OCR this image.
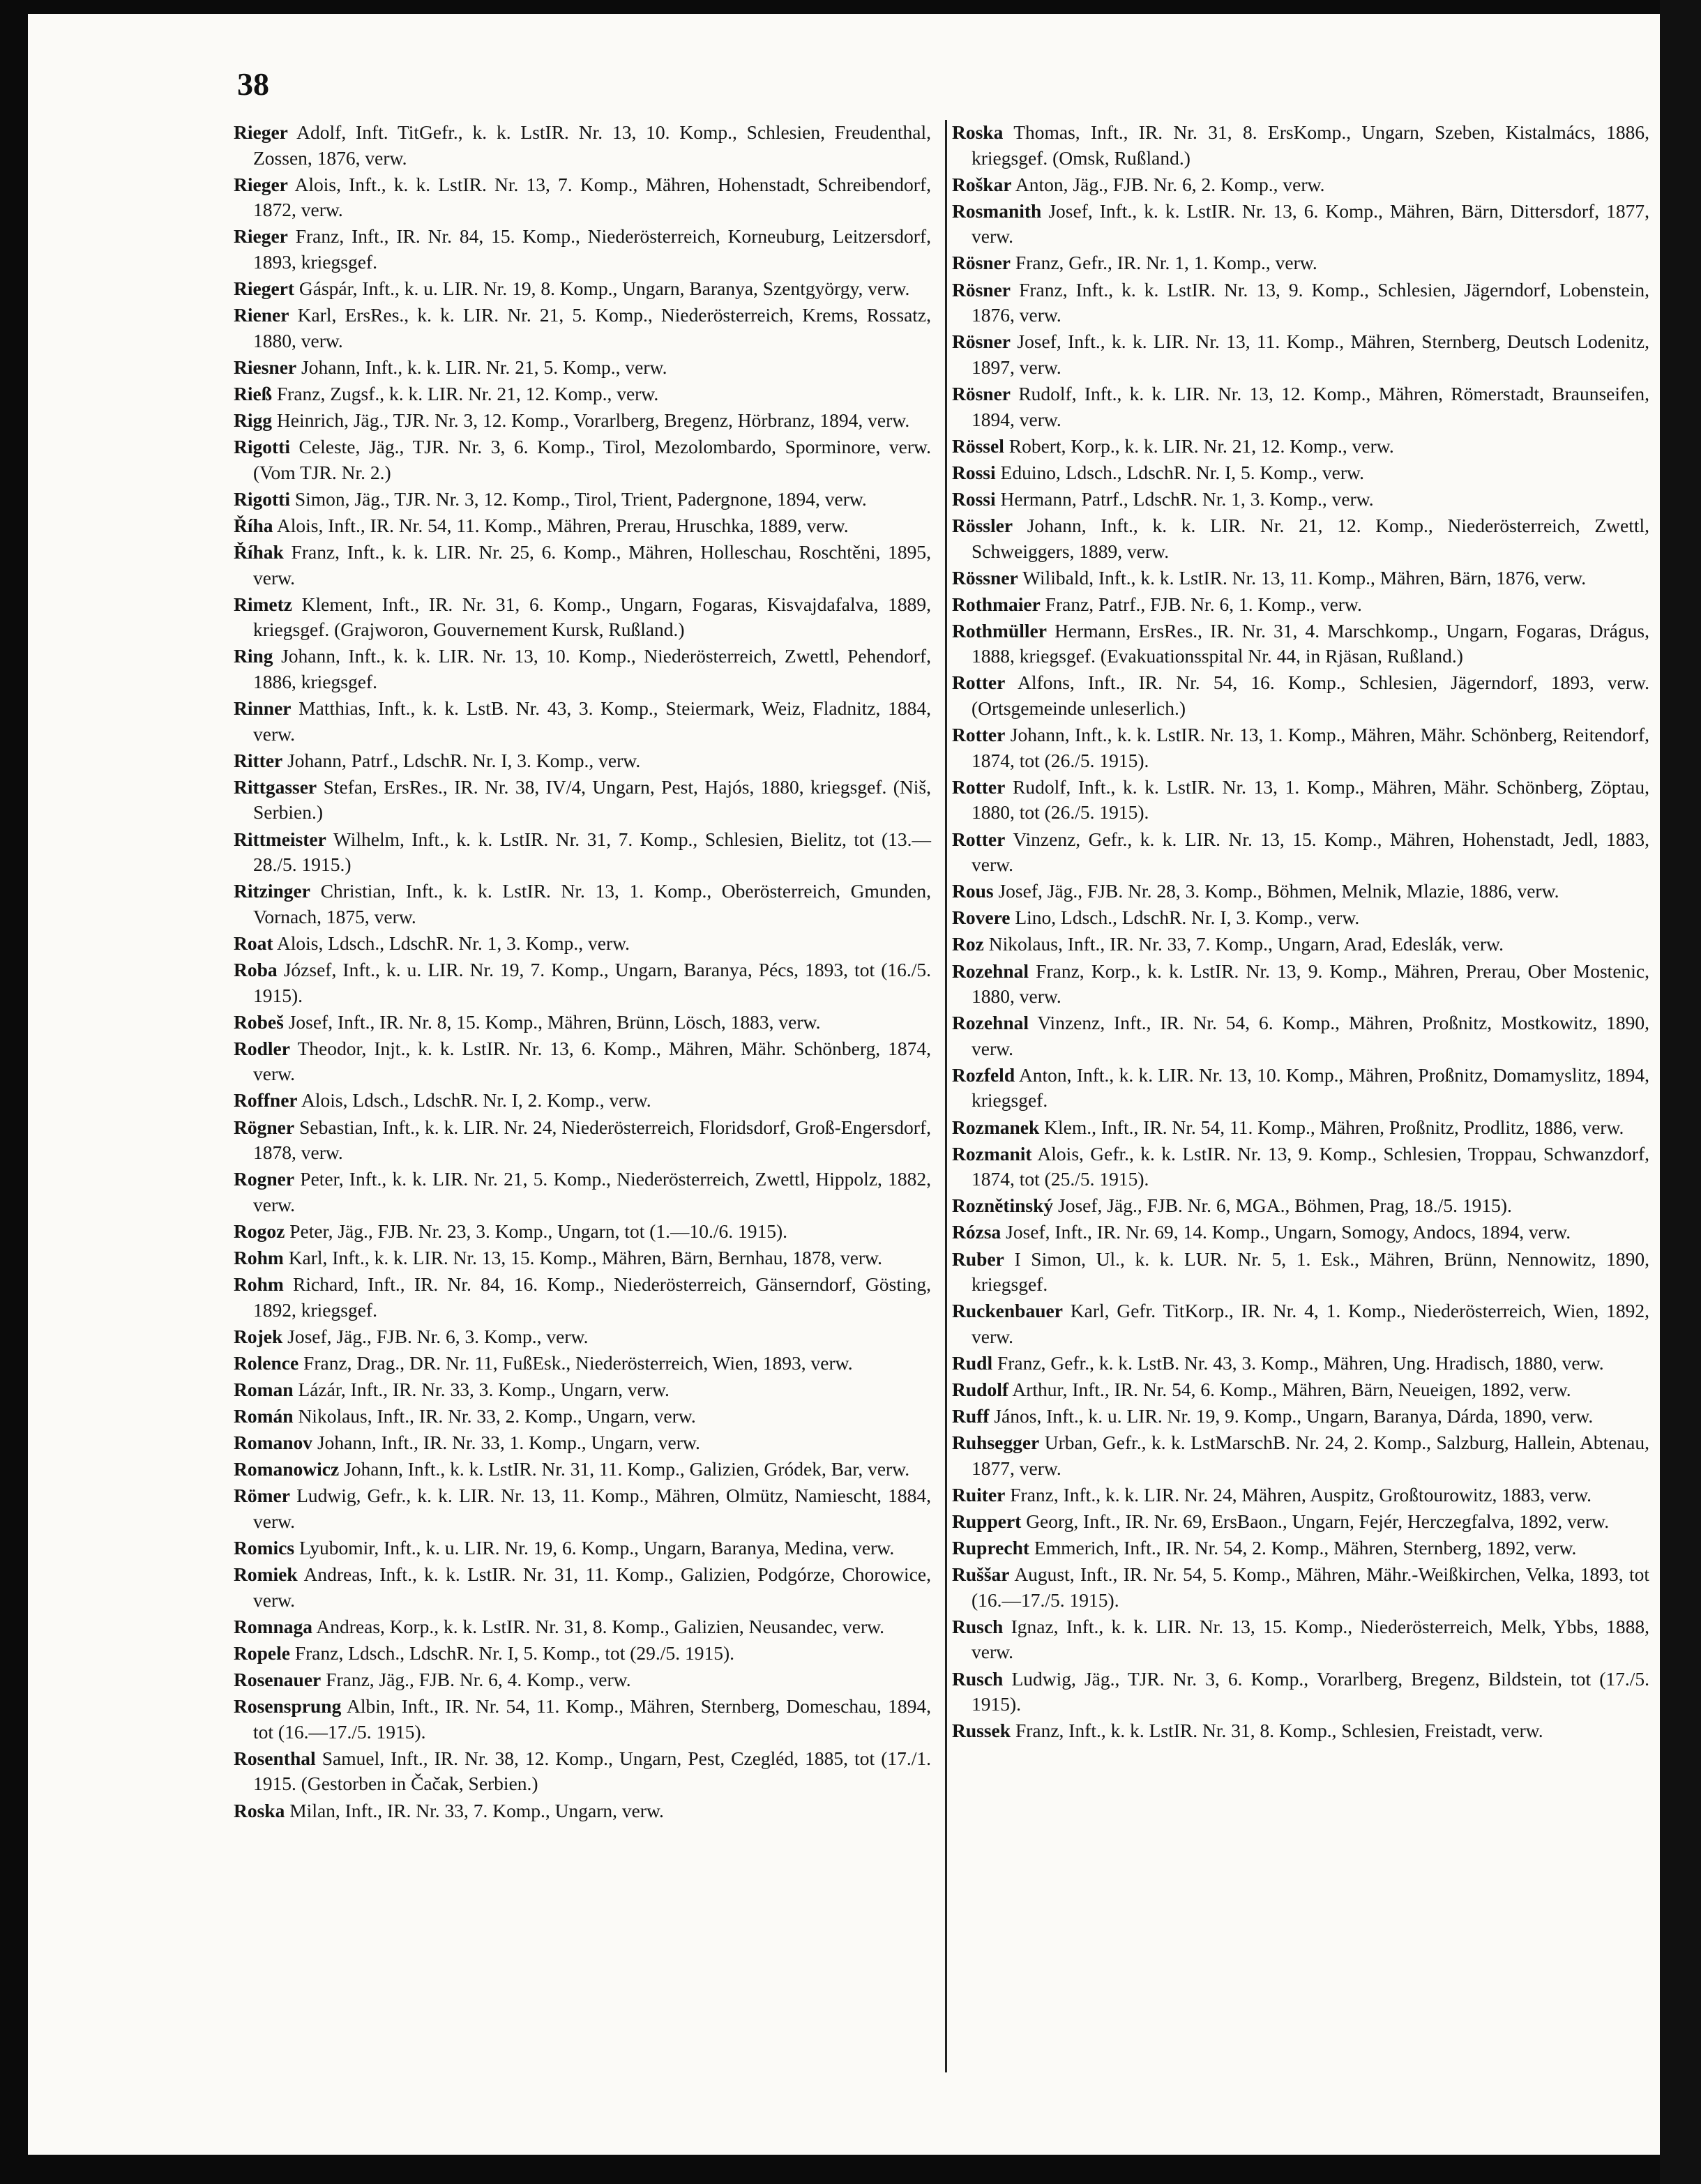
38

Rieger Adolf, Inft. TitGefr., k. k. LstIR. Nr. 13, 10. Komp., Schlesien, Freudenthal, Zossen, 1876, verw.

Rieger Alois, Inft., k. k. LstIR. Nr. 13, 7. Komp., Mähren, Hohenstadt, Schreibendorf, 1872, verw.

Rieger Franz, Inft., IR. Nr. 84, 15. Komp., Niederösterreich, Korneuburg, Leitzersdorf, 1893, kriegsgef.

Riegert Gáspár, Inft., k. u. LIR. Nr. 19, 8. Komp., Ungarn, Baranya, Szentgyörgy, verw.

Riener Karl, ErsRes., k. k. LIR. Nr. 21, 5. Komp., Niederösterreich, Krems, Rossatz, 1880, verw.

Riesner Johann, Inft., k. k. LIR. Nr. 21, 5. Komp., verw.

Rieß Franz, Zugsf., k. k. LIR. Nr. 21, 12. Komp., verw.

Rigg Heinrich, Jäg., TJR. Nr. 3, 12. Komp., Vorarlberg, Bregenz, Hörbranz, 1894, verw.

Rigotti Celeste, Jäg., TJR. Nr. 3, 6. Komp., Tirol, Mezolombardo, Sporminore, verw. (Vom TJR. Nr. 2.)

Rigotti Simon, Jäg., TJR. Nr. 3, 12. Komp., Tirol, Trient, Padergnone, 1894, verw.

Říha Alois, Inft., IR. Nr. 54, 11. Komp., Mähren, Prerau, Hruschka, 1889, verw.

Říhak Franz, Inft., k. k. LIR. Nr. 25, 6. Komp., Mähren, Holleschau, Roschtěni, 1895, verw.

Rimetz Klement, Inft., IR. Nr. 31, 6. Komp., Ungarn, Fogaras, Kisvajdafalva, 1889, kriegsgef. (Grajworon, Gouvernement Kursk, Rußland.)

Ring Johann, Inft., k. k. LIR. Nr. 13, 10. Komp., Niederösterreich, Zwettl, Pehendorf, 1886, kriegsgef.

Rinner Matthias, Inft., k. k. LstB. Nr. 43, 3. Komp., Steiermark, Weiz, Fladnitz, 1884, verw.

Ritter Johann, Patrf., LdschR. Nr. I, 3. Komp., verw.

Rittgasser Stefan, ErsRes., IR. Nr. 38, IV/4, Ungarn, Pest, Hajós, 1880, kriegsgef. (Niš, Serbien.)

Rittmeister Wilhelm, Inft., k. k. LstIR. Nr. 31, 7. Komp., Schlesien, Bielitz, tot (13.—28./5. 1915.)

Ritzinger Christian, Inft., k. k. LstIR. Nr. 13, 1. Komp., Oberösterreich, Gmunden, Vornach, 1875, verw.

Roat Alois, Ldsch., LdschR. Nr. 1, 3. Komp., verw.

Roba József, Inft., k. u. LIR. Nr. 19, 7. Komp., Ungarn, Baranya, Pécs, 1893, tot (16./5. 1915).

Robeš Josef, Inft., IR. Nr. 8, 15. Komp., Mähren, Brünn, Lösch, 1883, verw.

Rodler Theodor, Injt., k. k. LstIR. Nr. 13, 6. Komp., Mähren, Mähr. Schönberg, 1874, verw.

Roffner Alois, Ldsch., LdschR. Nr. I, 2. Komp., verw.

Rögner Sebastian, Inft., k. k. LIR. Nr. 24, Niederösterreich, Floridsdorf, Groß-Engersdorf, 1878, verw.

Rogner Peter, Inft., k. k. LIR. Nr. 21, 5. Komp., Niederösterreich, Zwettl, Hippolz, 1882, verw.

Rogoz Peter, Jäg., FJB. Nr. 23, 3. Komp., Ungarn, tot (1.—10./6. 1915).

Rohm Karl, Inft., k. k. LIR. Nr. 13, 15. Komp., Mähren, Bärn, Bernhau, 1878, verw.

Rohm Richard, Inft., IR. Nr. 84, 16. Komp., Niederösterreich, Gänserndorf, Gösting, 1892, kriegsgef.

Rojek Josef, Jäg., FJB. Nr. 6, 3. Komp., verw.

Rolence Franz, Drag., DR. Nr. 11, FußEsk., Niederösterreich, Wien, 1893, verw.

Roman Lázár, Inft., IR. Nr. 33, 3. Komp., Ungarn, verw.

Román Nikolaus, Inft., IR. Nr. 33, 2. Komp., Ungarn, verw.

Romanov Johann, Inft., IR. Nr. 33, 1. Komp., Ungarn, verw.

Romanowicz Johann, Inft., k. k. LstIR. Nr. 31, 11. Komp., Galizien, Gródek, Bar, verw.

Römer Ludwig, Gefr., k. k. LIR. Nr. 13, 11. Komp., Mähren, Olmütz, Namiescht, 1884, verw.

Romics Lyubomir, Inft., k. u. LIR. Nr. 19, 6. Komp., Ungarn, Baranya, Medina, verw.

Romiek Andreas, Inft., k. k. LstIR. Nr. 31, 11. Komp., Galizien, Podgórze, Chorowice, verw.

Romnaga Andreas, Korp., k. k. LstIR. Nr. 31, 8. Komp., Galizien, Neusandec, verw.

Ropele Franz, Ldsch., LdschR. Nr. I, 5. Komp., tot (29./5. 1915).

Rosenauer Franz, Jäg., FJB. Nr. 6, 4. Komp., verw.

Rosensprung Albin, Inft., IR. Nr. 54, 11. Komp., Mähren, Sternberg, Domeschau, 1894, tot (16.—17./5. 1915).

Rosenthal Samuel, Inft., IR. Nr. 38, 12. Komp., Ungarn, Pest, Czegléd, 1885, tot (17./1. 1915. (Gestorben in Čačak, Serbien.)

Roska Milan, Inft., IR. Nr. 33, 7. Komp., Ungarn, verw.

Roska Thomas, Inft., IR. Nr. 31, 8. ErsKomp., Ungarn, Szeben, Kistalmács, 1886, kriegsgef. (Omsk, Rußland.)

Roškar Anton, Jäg., FJB. Nr. 6, 2. Komp., verw.

Rosmanith Josef, Inft., k. k. LstIR. Nr. 13, 6. Komp., Mähren, Bärn, Dittersdorf, 1877, verw.

Rösner Franz, Gefr., IR. Nr. 1, 1. Komp., verw.

Rösner Franz, Inft., k. k. LstIR. Nr. 13, 9. Komp., Schlesien, Jägerndorf, Lobenstein, 1876, verw.

Rösner Josef, Inft., k. k. LIR. Nr. 13, 11. Komp., Mähren, Sternberg, Deutsch Lodenitz, 1897, verw.

Rösner Rudolf, Inft., k. k. LIR. Nr. 13, 12. Komp., Mähren, Römerstadt, Braunseifen, 1894, verw.

Rössel Robert, Korp., k. k. LIR. Nr. 21, 12. Komp., verw.

Rossi Eduino, Ldsch., LdschR. Nr. I, 5. Komp., verw.

Rossi Hermann, Patrf., LdschR. Nr. 1, 3. Komp., verw.

Rössler Johann, Inft., k. k. LIR. Nr. 21, 12. Komp., Niederösterreich, Zwettl, Schweiggers, 1889, verw.

Rössner Wilibald, Inft., k. k. LstIR. Nr. 13, 11. Komp., Mähren, Bärn, 1876, verw.

Rothmaier Franz, Patrf., FJB. Nr. 6, 1. Komp., verw.

Rothmüller Hermann, ErsRes., IR. Nr. 31, 4. Marschkomp., Ungarn, Fogaras, Drágus, 1888, kriegsgef. (Evakuationsspital Nr. 44, in Rjäsan, Rußland.)

Rotter Alfons, Inft., IR. Nr. 54, 16. Komp., Schlesien, Jägerndorf, 1893, verw. (Ortsgemeinde unleserlich.)

Rotter Johann, Inft., k. k. LstIR. Nr. 13, 1. Komp., Mähren, Mähr. Schönberg, Reitendorf, 1874, tot (26./5. 1915).

Rotter Rudolf, Inft., k. k. LstIR. Nr. 13, 1. Komp., Mähren, Mähr. Schönberg, Zöptau, 1880, tot (26./5. 1915).

Rotter Vinzenz, Gefr., k. k. LIR. Nr. 13, 15. Komp., Mähren, Hohenstadt, Jedl, 1883, verw.

Rous Josef, Jäg., FJB. Nr. 28, 3. Komp., Böhmen, Melnik, Mlazie, 1886, verw.

Rovere Lino, Ldsch., LdschR. Nr. I, 3. Komp., verw.

Roz Nikolaus, Inft., IR. Nr. 33, 7. Komp., Ungarn, Arad, Edeslák, verw.

Rozehnal Franz, Korp., k. k. LstIR. Nr. 13, 9. Komp., Mähren, Prerau, Ober Mostenic, 1880, verw.

Rozehnal Vinzenz, Inft., IR. Nr. 54, 6. Komp., Mähren, Proßnitz, Mostkowitz, 1890, verw.

Rozfeld Anton, Inft., k. k. LIR. Nr. 13, 10. Komp., Mähren, Proßnitz, Domamyslitz, 1894, kriegsgef.

Rozmanek Klem., Inft., IR. Nr. 54, 11. Komp., Mähren, Proßnitz, Prodlitz, 1886, verw.

Rozmanit Alois, Gefr., k. k. LstIR. Nr. 13, 9. Komp., Schlesien, Troppau, Schwanzdorf, 1874, tot (25./5. 1915).

Roznětinský Josef, Jäg., FJB. Nr. 6, MGA., Böhmen, Prag, 18./5. 1915).

Rózsa Josef, Inft., IR. Nr. 69, 14. Komp., Ungarn, Somogy, Andocs, 1894, verw.

Ruber I Simon, Ul., k. k. LUR. Nr. 5, 1. Esk., Mähren, Brünn, Nennowitz, 1890, kriegsgef.

Ruckenbauer Karl, Gefr. TitKorp., IR. Nr. 4, 1. Komp., Niederösterreich, Wien, 1892, verw.

Rudl Franz, Gefr., k. k. LstB. Nr. 43, 3. Komp., Mähren, Ung. Hradisch, 1880, verw.

Rudolf Arthur, Inft., IR. Nr. 54, 6. Komp., Mähren, Bärn, Neueigen, 1892, verw.

Ruff János, Inft., k. u. LIR. Nr. 19, 9. Komp., Ungarn, Baranya, Dárda, 1890, verw.

Ruhsegger Urban, Gefr., k. k. LstMarschB. Nr. 24, 2. Komp., Salzburg, Hallein, Abtenau, 1877, verw.

Ruiter Franz, Inft., k. k. LIR. Nr. 24, Mähren, Auspitz, Großtourowitz, 1883, verw.

Ruppert Georg, Inft., IR. Nr. 69, ErsBaon., Ungarn, Fejér, Herczegfalva, 1892, verw.

Ruprecht Emmerich, Inft., IR. Nr. 54, 2. Komp., Mähren, Sternberg, 1892, verw.

Ruššar August, Inft., IR. Nr. 54, 5. Komp., Mähren, Mähr.-Weißkirchen, Velka, 1893, tot (16.—17./5. 1915).

Rusch Ignaz, Inft., k. k. LIR. Nr. 13, 15. Komp., Niederösterreich, Melk, Ybbs, 1888, verw.

Rusch Ludwig, Jäg., TJR. Nr. 3, 6. Komp., Vorarlberg, Bregenz, Bildstein, tot (17./5. 1915).

Russek Franz, Inft., k. k. LstIR. Nr. 31, 8. Komp., Schlesien, Freistadt, verw.
